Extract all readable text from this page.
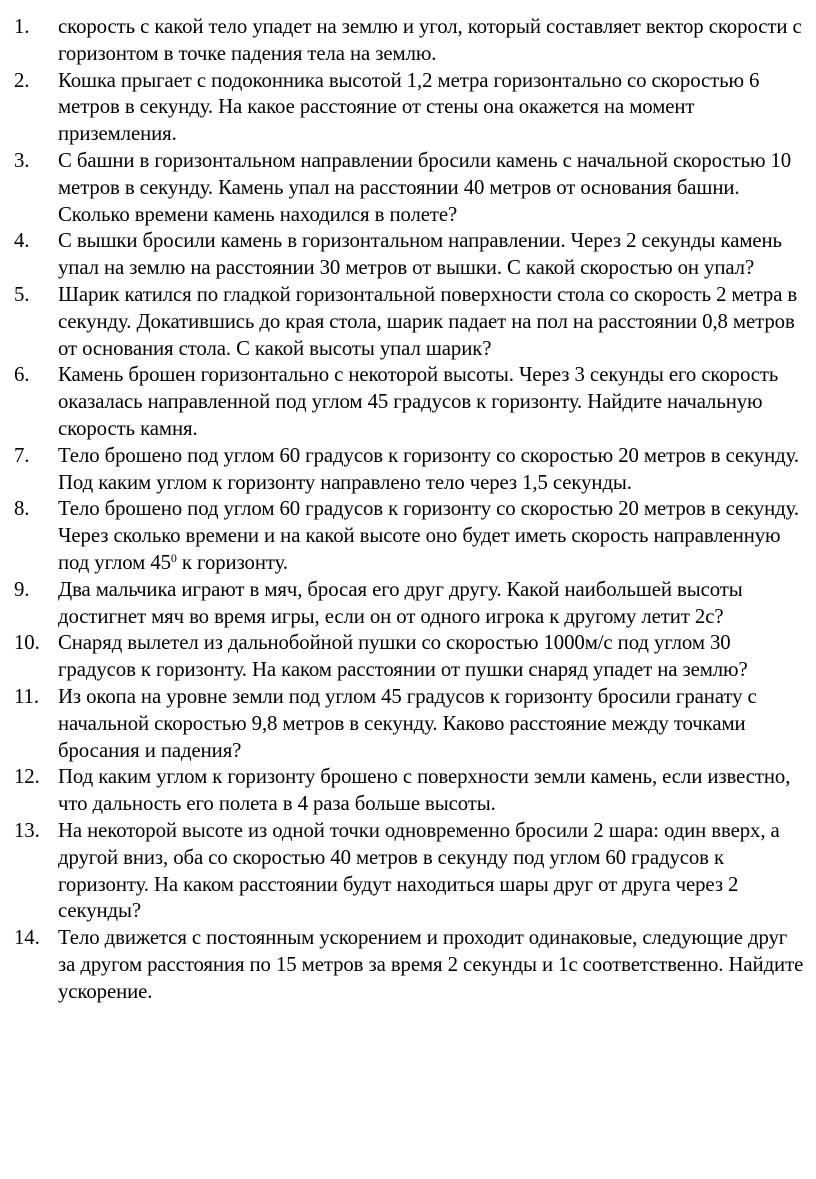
1.	скорость с какой тело упадет на землю и угол, который составляет вектор скорости с горизонтом в точке падения тела на землю.
2.	Кошка прыгает с подоконника высотой 1,2 метра горизонтально со скоростью 6 метров в секунду. На какое расстояние от стены она окажется на момент приземления.
3.	С башни в горизонтальном направлении бросили камень с начальной скоростью 10 метров в секунду. Камень упал на расстоянии 40 метров от основания башни. Сколько времени камень находился в полете?
4.	С вышки бросили камень в горизонтальном направлении. Через 2 секунды камень упал на землю на расстоянии 30 метров от вышки. С какой скоростью он упал?
5.	Шарик катился по гладкой горизонтальной поверхности стола со скорость 2 метра в секунду. Докатившись до края стола, шарик падает на пол на расстоянии 0,8 метров от основания стола. С какой высоты упал шарик?
6.	Камень брошен горизонтально с некоторой высоты. Через 3 секунды его скорость оказалась направленной под углом 45 градусов к горизонту. Найдите начальную скорость камня.
7.	Тело брошено под углом 60 градусов к горизонту со скоростью 20 метров в секунду. Под каким углом к горизонту направлено тело через 1,5 секунды.
8.	Тело брошено под углом 60 градусов к горизонту со скоростью 20 метров в секунду. Через сколько времени и на какой высоте оно будет иметь скорость направленную под углом $45^0$ к горизонту.
9.	Два мальчика играют в мяч, бросая его друг другу. Какой наибольшей высоты достигнет мяч во время игры, если он от одного игрока к другому летит 2с?
10. Снаряд вылетел из дальнобойной пушки со скоростью 1000м/с под углом 30 градусов к горизонту. На каком расстоянии от пушки снаряд упадет на землю?
11. Из окопа на уровне земли под углом 45 градусов к горизонту бросили гранату с начальной скоростью 9,8 метров в секунду. Каково расстояние между точками бросания и падения?
12. Под каким углом к горизонту брошено с поверхности земли камень, если известно, что дальность его полета в 4 раза больше высоты.
13. На некоторой высоте из одной точки одновременно бросили 2 шара: один вверх, а другой вниз, оба со скоростью 40 метров в секунду под углом 60 градусов к горизонту. На каком расстоянии будут находиться шары друг от друга через 2 секунды?
14. Тело движется с постоянным ускорением и проходит одинаковые, следующие друг за другом расстояния по 15 метров за время 2 секунды и 1с соответственно. Найдите ускорение.
